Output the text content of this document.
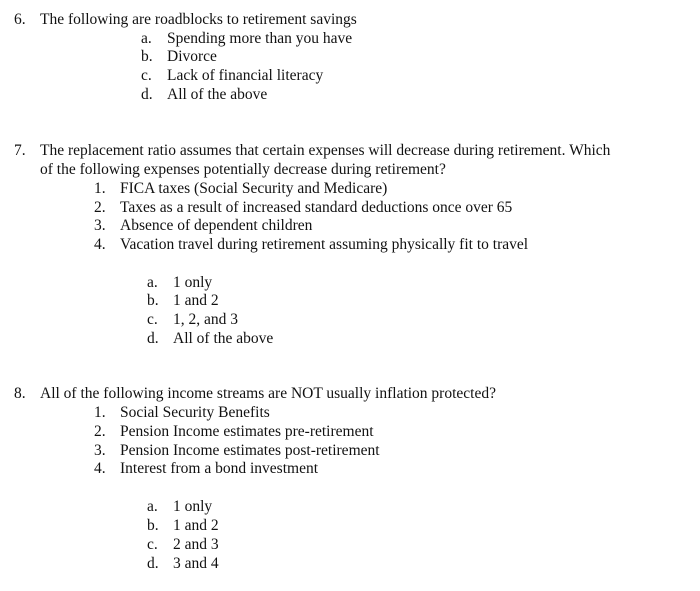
6. The following are roadblocks to retirement savings
a. Spending more than you have
b. Divorce
c. Lack of financial literacy
d. All of the above
7. The replacement ratio assumes that certain expenses will decrease during retirement. Which
of the following expenses potentially decrease during retirement?
1. FICA taxes (Social Security and Medicare)
2. Taxes as a result of increased standard deductions once over 65
3. Absence of dependent children
4. Vacation travel during retirement assuming physically fit to travel
a. 1 only
b. 1 and 2
c. 1, 2, and 3
d. All of the above
8. All of the following income streams are NOT usually inflation protected?
1. Social Security Benefits
2. Pension Income estimates pre-retirement
3. Pension Income estimates post-retirement
4. Interest from a bond investment
a. 1 only
b. 1 and 2
c. 2 and 3
d. 3 and 4
